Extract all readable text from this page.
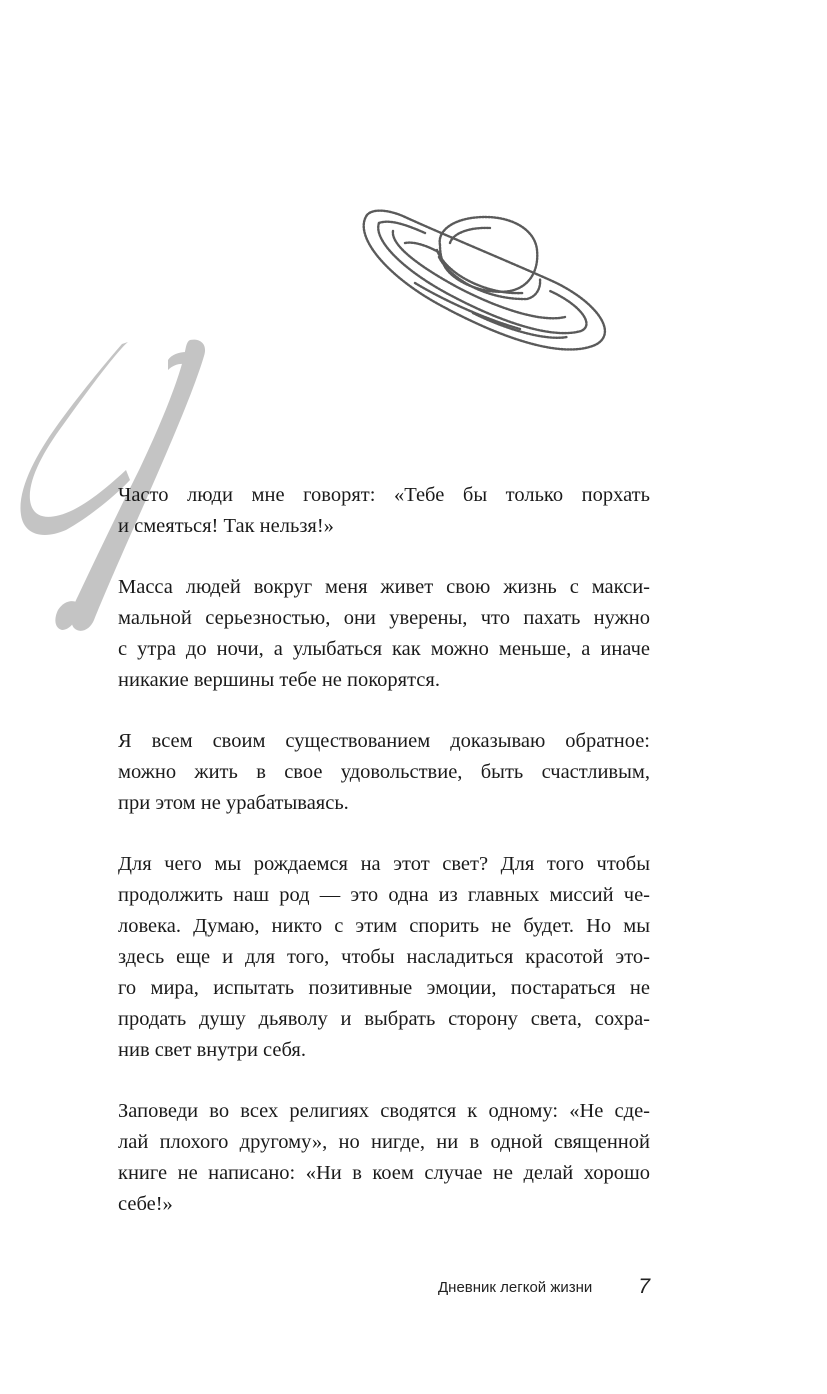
Часто люди мне говорят: «Тебе бы только порхать
и смеяться! Так нельзя!»

Масса людей вокруг меня живет свою жизнь с макси-
мальной серьезностью, они уверены, что пахать нужно
с утра до ночи, а улыбаться как можно меньше, а иначе
никакие вершины тебе не покорятся.

Я всем своим существованием доказываю обратное:
можно жить в свое удовольствие, быть счастливым,
при этом не урабатываясь.

Для чего мы рождаемся на этот свет? Для того чтобы
продолжить наш род — это одна из главных миссий че-
ловека. Думаю, никто с этим спорить не будет. Но мы
здесь еще и для того, чтобы насладиться красотой это-
го мира, испытать позитивные эмоции, постараться не
продать душу дьяволу и выбрать сторону света, сохра-
нив свет внутри себя.

Заповеди во всех религиях сводятся к одному: «Не сде-
лай плохого другому», но нигде, ни в одной священной
книге не написано: «Ни в коем случае не делай хорошо
себе!»

Дневник легкой жизни 7
